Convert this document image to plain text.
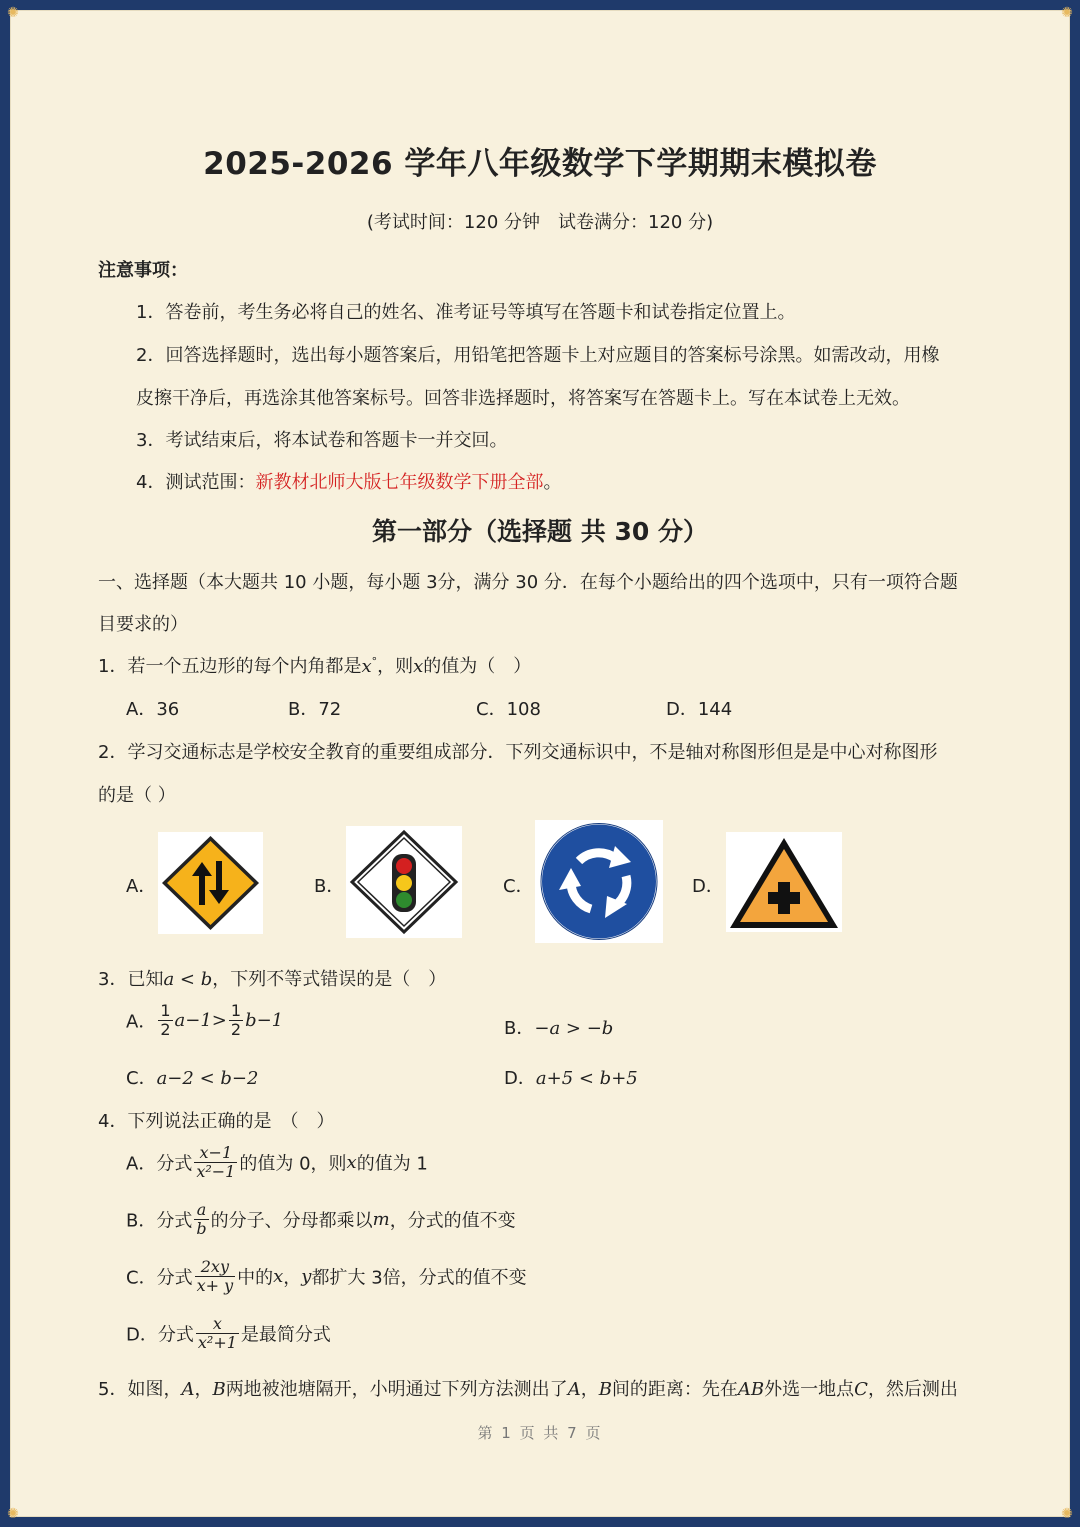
✺	✺
✺	✺
2025-2026 学年八年级数学下学期期末模拟卷
(考试时间：120 分钟　试卷满分：120 分)
注意事项：
1．答卷前，考生务必将自己的姓名、准考证号等填写在答题卡和试卷指定位置上。
2．回答选择题时，选出每小题答案后，用铅笔把答题卡上对应题目的答案标号涂黑。如需改动，用橡
皮擦干净后，再选涂其他答案标号。回答非选择题时，将答案写在答题卡上。写在本试卷上无效。
3．考试结束后，将本试卷和答题卡一并交回。
4．测试范围：新教材北师大版七年级数学下册全部。
第一部分（选择题 共 30 分）
一、选择题（本大题共 10 小题，每小题 3分，满分 30 分．在每个小题给出的四个选项中，只有一项符合题
目要求的）
1．若一个五边形的每个内角都是x°，则x的值为（　）
A．36	B．72	C．108	D．144
2．学习交通标志是学校安全教育的重要组成部分．下列交通标识中，不是轴对称图形但是是中心对称图形
的是（ ）
A．	B．	C．	D．
3．已知a < b，下列不等式错误的是（　）
A． $\frac{1}{2} a-1> \frac{1}{2} b-1$	B．−a > −b
C．a−2 < b−2	D．a+5 < b+5
4．下列说法正确的是　（　）
A．分式 $\frac{x-1}{\text{x²−1}}$ 的值为 0，则x的值为 1
B．分式 $\frac{a}{b}$ 的分子、分母都乘以m，分式的值不变
C．分式 $\frac{2xy}{x+ y}$ 中的x，y都扩大 3倍，分式的值不变
D．分式 $\frac{x}{\text{x²+1}}$ 是最简分式
5．如图，A，B两地被池塘隔开，小明通过下列方法测出了A，B间的距离：先在AB外选一地点C，然后测出
第 1 页 共 7 页
